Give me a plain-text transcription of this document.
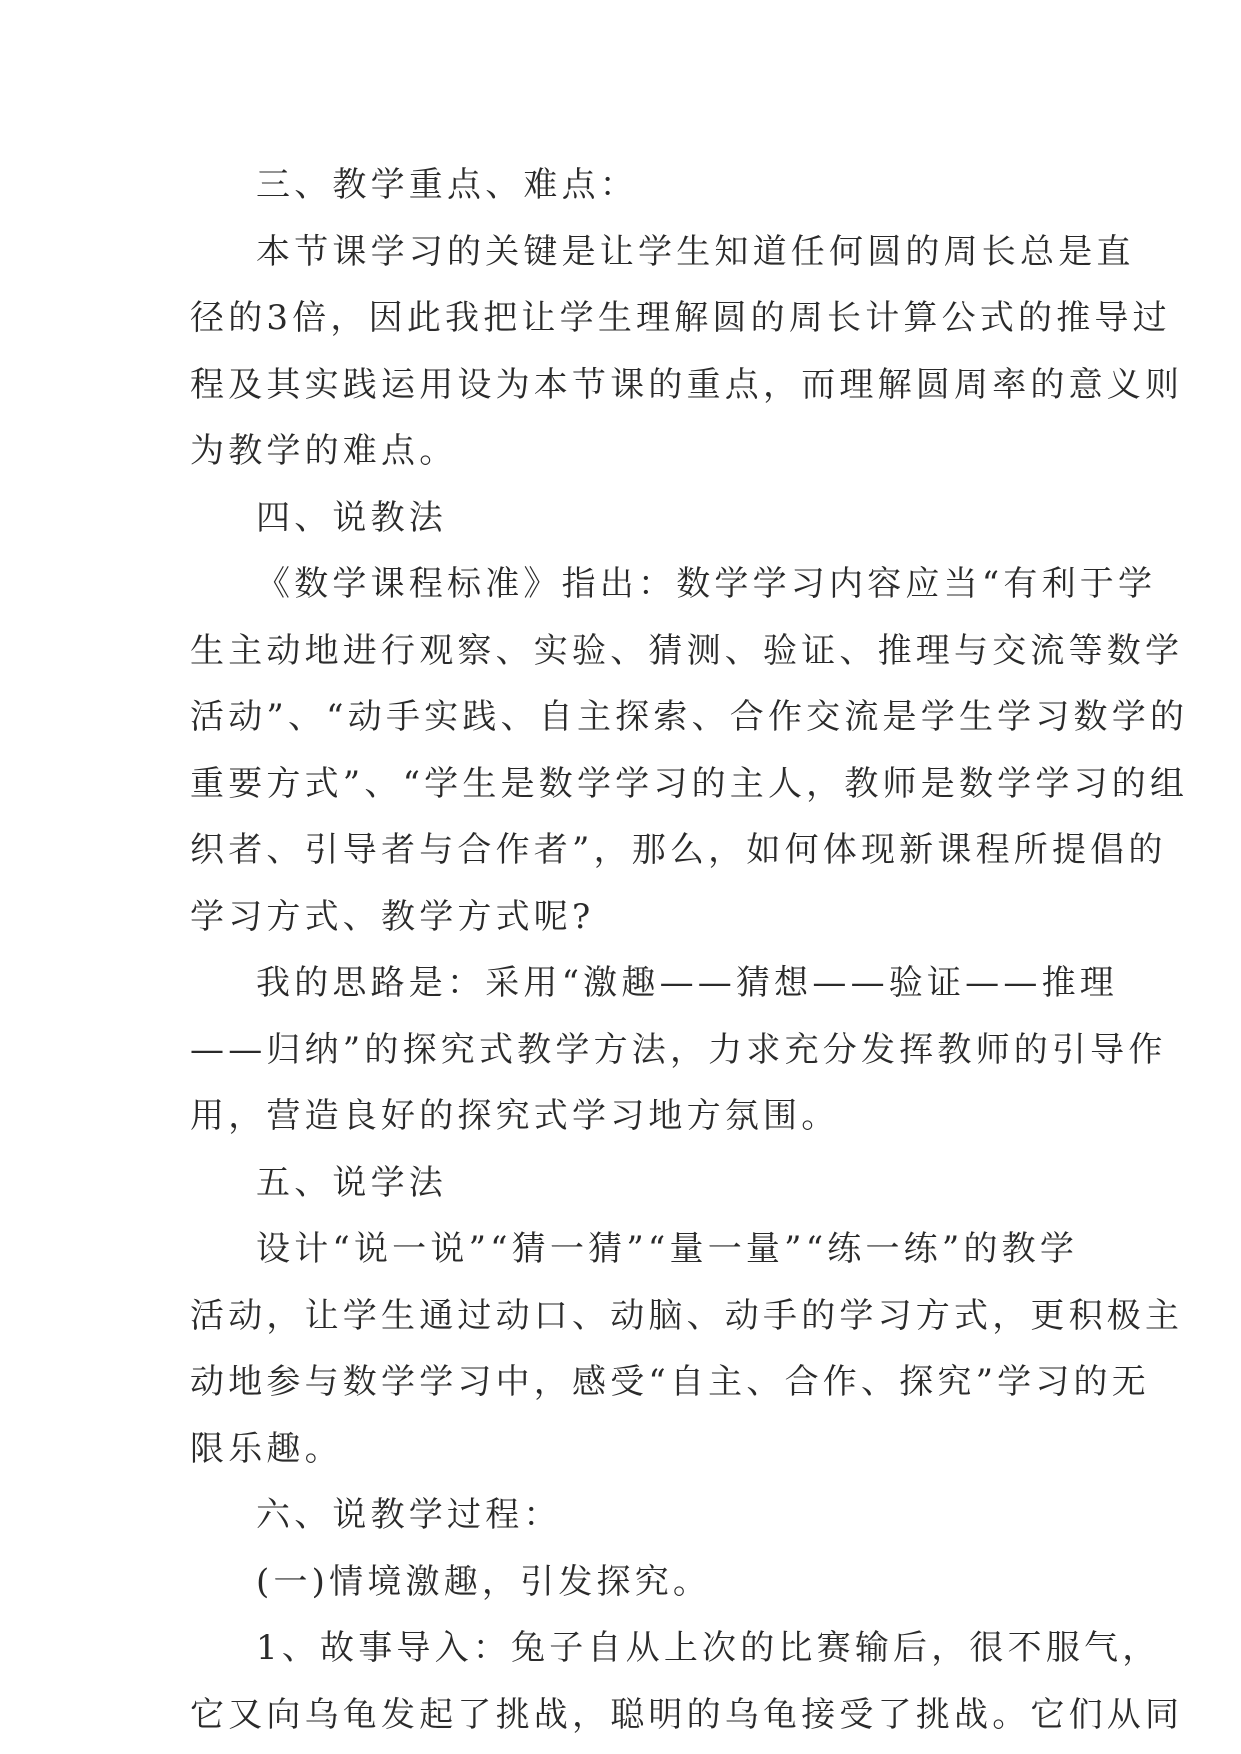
三、教学重点、难点：
本节课学习的关键是让学生知道任何圆的周长总是直
径的3倍，因此我把让学生理解圆的周长计算公式的推导过
程及其实践运用设为本节课的重点，而理解圆周率的意义则
为教学的难点。
四、说教法
《数学课程标准》指出：数学学习内容应当“有利于学
生主动地进行观察、实验、猜测、验证、推理与交流等数学
活动”、“动手实践、自主探索、合作交流是学生学习数学的
重要方式”、“学生是数学学习的主人，教师是数学学习的组
织者、引导者与合作者”，那么，如何体现新课程所提倡的
学习方式、教学方式呢?
我的思路是：采用“激趣——猜想——验证——推理
——归纳”的探究式教学方法，力求充分发挥教师的引导作
用，营造良好的探究式学习地方氛围。
五、说学法
设计“说一说”“猜一猜”“量一量”“练一练”的教学
活动，让学生通过动口、动脑、动手的学习方式，更积极主
动地参与数学学习中，感受“自主、合作、探究”学习的无
限乐趣。
六、说教学过程：
(一)情境激趣，引发探究。
1、故事导入：兔子自从上次的比赛输后，很不服气，
它又向乌龟发起了挑战，聪明的乌龟接受了挑战。它们从同
